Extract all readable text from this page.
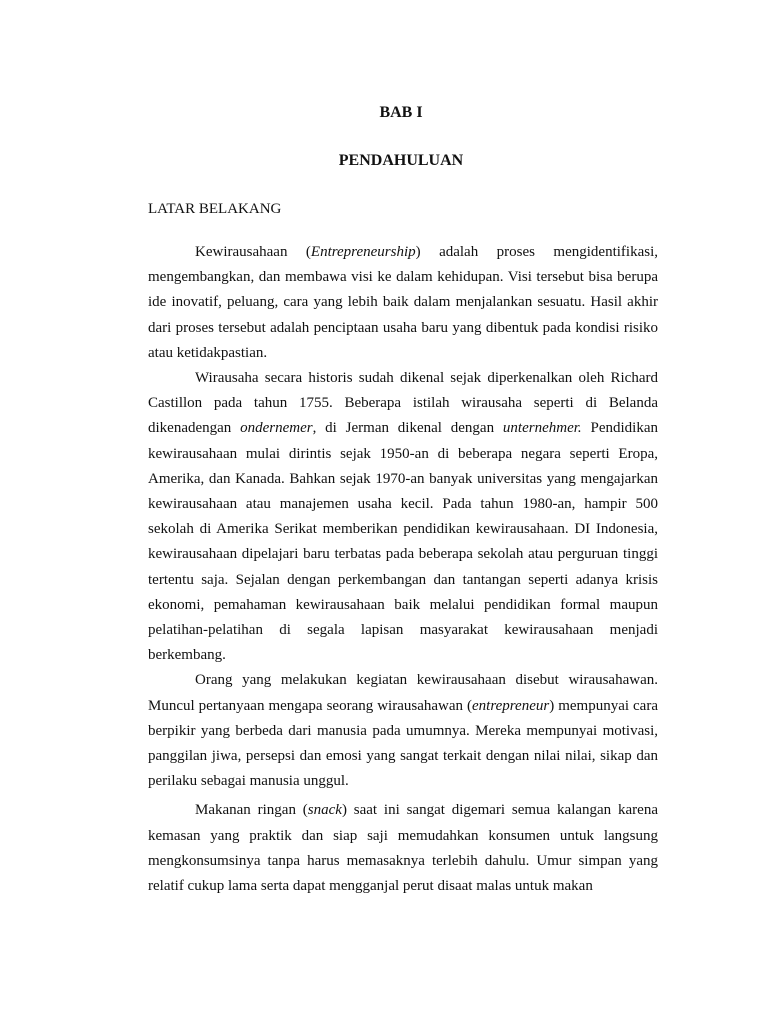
BAB I
PENDAHULUAN
LATAR BELAKANG

Kewirausahaan (Entrepreneurship) adalah proses mengidentifikasi, mengembangkan, dan membawa visi ke dalam kehidupan. Visi tersebut bisa berupa ide inovatif, peluang, cara yang lebih baik dalam menjalankan sesuatu. Hasil akhir dari proses tersebut adalah penciptaan usaha baru yang dibentuk pada kondisi risiko atau ketidakpastian.

Wirausaha secara historis sudah dikenal sejak diperkenalkan oleh Richard Castillon pada tahun 1755. Beberapa istilah wirausaha seperti di Belanda dikenadengan ondernemer, di Jerman dikenal dengan unternehmer. Pendidikan kewirausahaan mulai dirintis sejak 1950-an di beberapa negara seperti Eropa, Amerika, dan Kanada. Bahkan sejak 1970-an banyak universitas yang mengajarkan kewirausahaan atau manajemen usaha kecil. Pada tahun 1980-an, hampir 500 sekolah di Amerika Serikat memberikan pendidikan kewirausahaan. DI Indonesia, kewirausahaan dipelajari baru terbatas pada beberapa sekolah atau perguruan tinggi tertentu saja. Sejalan dengan perkembangan dan tantangan seperti adanya krisis ekonomi, pemahaman kewirausahaan baik melalui pendidikan formal maupun pelatihan-pelatihan di segala lapisan masyarakat kewirausahaan menjadi berkembang.

Orang yang melakukan kegiatan kewirausahaan disebut wirausahawan. Muncul pertanyaan mengapa seorang wirausahawan (entrepreneur) mempunyai cara berpikir yang berbeda dari manusia pada umumnya. Mereka mempunyai motivasi, panggilan jiwa, persepsi dan emosi yang sangat terkait dengan nilai nilai, sikap dan perilaku sebagai manusia unggul.

Makanan ringan (snack) saat ini sangat digemari semua kalangan karena kemasan yang praktik dan siap saji memudahkan konsumen untuk langsung mengkonsumsinya tanpa harus memasaknya terlebih dahulu. Umur simpan yang relatif cukup lama serta dapat mengganjal perut disaat malas untuk makan
